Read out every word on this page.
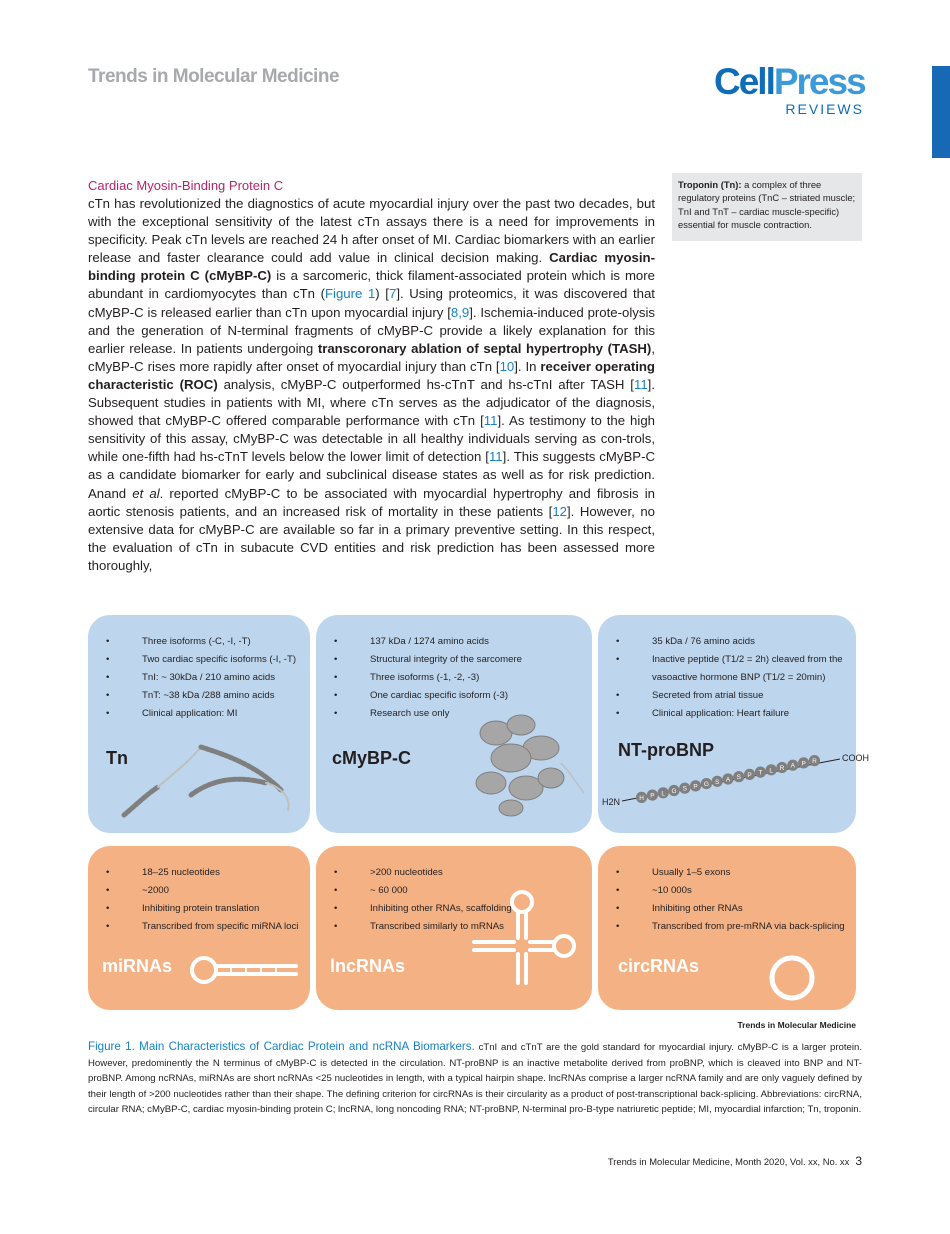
Trends in Molecular Medicine	CellPress
REVIEWS
Cardiac Myosin-Binding Protein C
cTn has revolutionized the diagnostics of acute myocardial injury over the past two decades, but with the exceptional sensitivity of the latest cTn assays there is a need for improvements in specificity. Peak cTn levels are reached 24 h after onset of MI. Cardiac biomarkers with an earlier release and faster clearance could add value in clinical decision making. Cardiac myosin-binding protein C (cMyBP-C) is a sarcomeric, thick filament-associated protein which is more abundant in cardiomyocytes than cTn (Figure 1) [7]. Using proteomics, it was discovered that cMyBP-C is released earlier than cTn upon myocardial injury [8,9]. Ischemia-induced prote-olysis and the generation of N-terminal fragments of cMyBP-C provide a likely explanation for this earlier release. In patients undergoing transcoronary ablation of septal hypertrophy (TASH), cMyBP-C rises more rapidly after onset of myocardial injury than cTn [10]. In receiver operating characteristic (ROC) analysis, cMyBP-C outperformed hs-cTnT and hs-cTnI after TASH [11]. Subsequent studies in patients with MI, where cTn serves as the adjudicator of the diagnosis, showed that cMyBP-C offered comparable performance with cTn [11]. As testimony to the high sensitivity of this assay, cMyBP-C was detectable in all healthy individuals serving as con-trols, while one-fifth had hs-cTnT levels below the lower limit of detection [11]. This suggests cMyBP-C as a candidate biomarker for early and subclinical disease states as well as for risk prediction. Anand et al. reported cMyBP-C to be associated with myocardial hypertrophy and fibrosis in aortic stenosis patients, and an increased risk of mortality in these patients [12]. However, no extensive data for cMyBP-C are available so far in a primary preventive setting. In this respect, the evaluation of cTn in subacute CVD entities and risk prediction has been assessed more thoroughly,
Troponin (Tn): a complex of three regulatory proteins (TnC – striated muscle; TnI and TnT – cardiac muscle-specific) essential for muscle contraction.
• Three isoforms (-C, -I, -T)
• Two cardiac specific isoforms (-I, -T)
• TnI: ~ 30kDa / 210 amino acids
• TnT: ~38 kDa /288 amino acids
• Clinical application: MI
Tn
• 137 kDa / 1274 amino acids
• Structural integrity of the sarcomere
• Three isoforms (-1, -2, -3)
• One cardiac specific isoform (-3)
• Research use only
cMyBP-C
• 35 kDa / 76 amino acids
• Inactive peptide (T1/2 = 2h) cleaved from the vasoactive hormone BNP (T1/2 = 20min)
• Secreted from atrial tissue
• Clinical application: Heart failure
NT-proBNP
H2N
COOH
H P L G S P G S A S P T L R A P R
• 18–25 nucleotides
• ~2000
• Inhibiting protein translation
• Transcribed from specific miRNA loci
miRNAs
• >200 nucleotides
• ~ 60 000
• Inhibiting other RNAs, scaffolding
• Transcribed similarly to mRNAs
lncRNAs
• Usually 1–5 exons
• ~10 000s
• Inhibiting other RNAs
• Transcribed from pre-mRNA via back-splicing
circRNAs
Trends in Molecular Medicine
Figure 1. Main Characteristics of Cardiac Protein and ncRNA Biomarkers. cTnI and cTnT are the gold standard for myocardial injury. cMyBP-C is a larger protein. However, predominently the N terminus of cMyBP-C is detected in the circulation. NT-proBNP is an inactive metabolite derived from proBNP, which is cleaved into BNP and NT-proBNP. Among ncRNAs, miRNAs are short ncRNAs <25 nucleotides in length, with a typical hairpin shape. lncRNAs comprise a larger ncRNA family and are only vaguely defined by their length of >200 nucleotides rather than their shape. The defining criterion for circRNAs is their circularity as a product of post-transcriptional back-splicing. Abbreviations: circRNA, circular RNA; cMyBP-C, cardiac myosin-binding protein C; lncRNA, long noncoding RNA; NT-proBNP, N-terminal pro-B-type natriuretic peptide; MI, myocardial infarction; Tn, troponin.
Trends in Molecular Medicine, Month 2020, Vol. xx, No. xx 3
